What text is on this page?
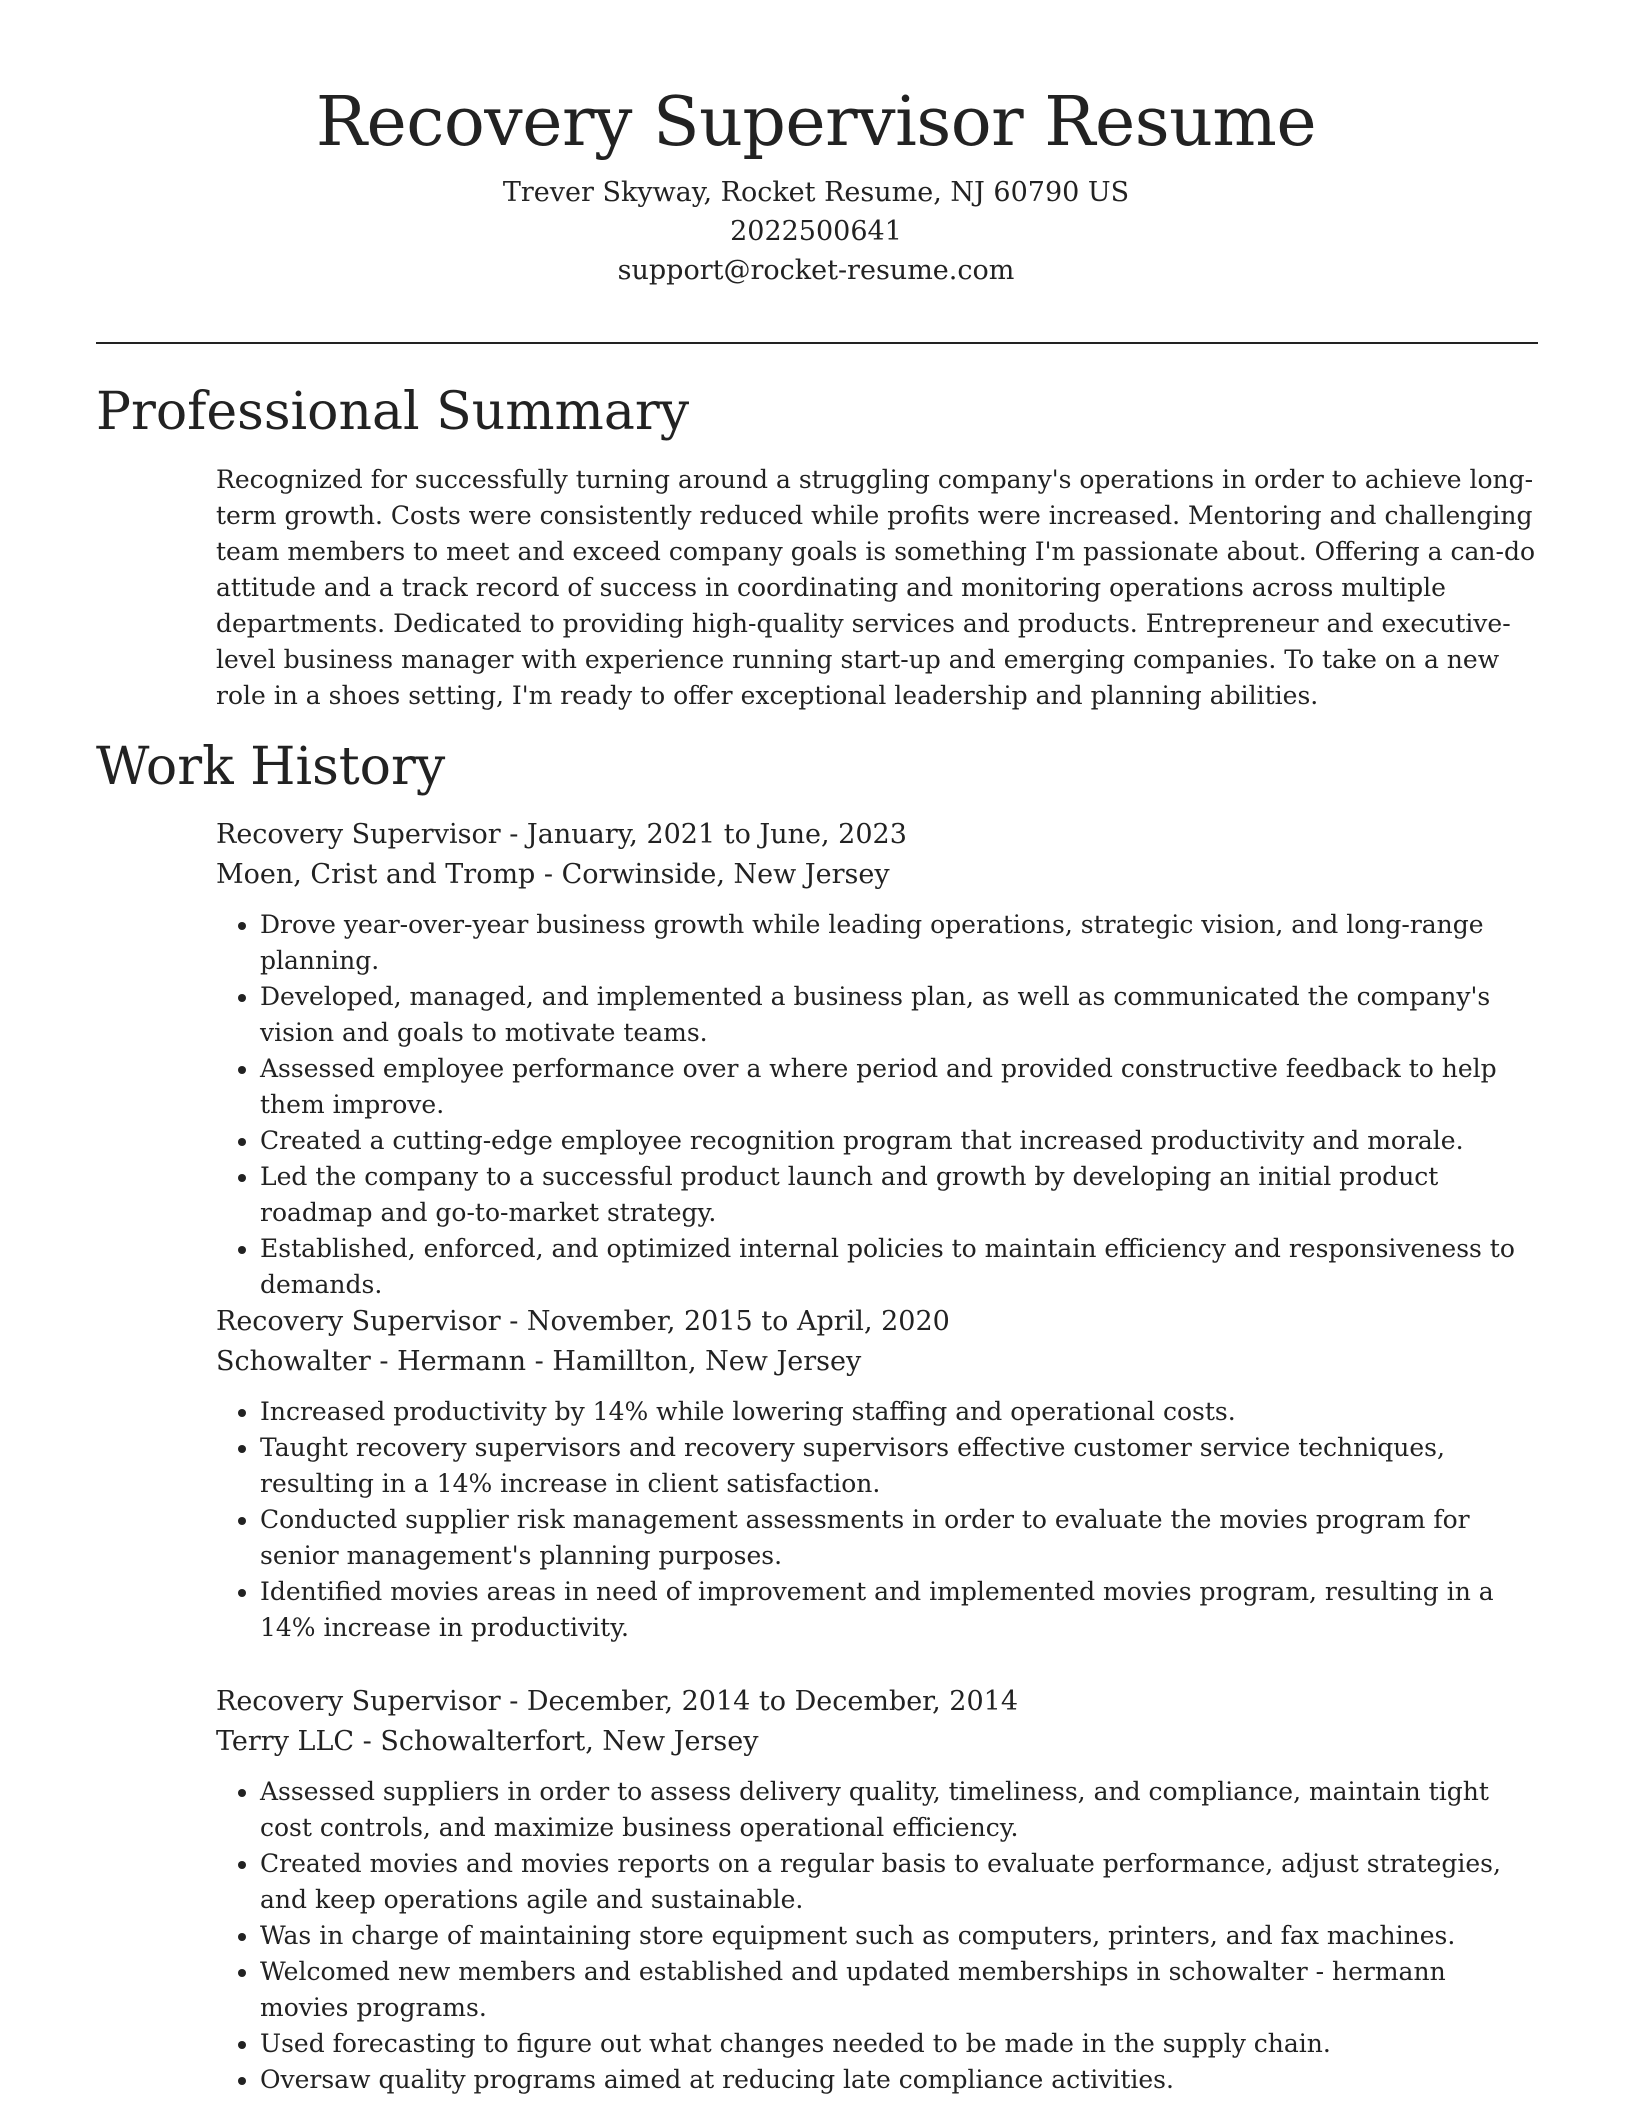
Recovery Supervisor Resume

Trever Skyway, Rocket Resume, NJ 60790 US

2022500641

support@rocket-resume.com

Professional Summary

Recognized for successfully turning around a struggling company's operations in order to achieve long-term growth. Costs were consistently reduced while profits were increased. Mentoring and challenging team members to meet and exceed company goals is something I'm passionate about. Offering a can-do attitude and a track record of success in coordinating and monitoring operations across multiple departments. Dedicated to providing high-quality services and products. Entrepreneur and executive-level business manager with experience running start-up and emerging companies. To take on a new role in a shoes setting, I'm ready to offer exceptional leadership and planning abilities.

Work History

Recovery Supervisor - January, 2021 to June, 2023

Moen, Crist and Tromp - Corwinside, New Jersey

• Drove year-over-year business growth while leading operations, strategic vision, and long-range planning.
• Developed, managed, and implemented a business plan, as well as communicated the company's vision and goals to motivate teams.
• Assessed employee performance over a where period and provided constructive feedback to help them improve.
• Created a cutting-edge employee recognition program that increased productivity and morale.
• Led the company to a successful product launch and growth by developing an initial product roadmap and go-to-market strategy.
• Established, enforced, and optimized internal policies to maintain efficiency and responsiveness to demands.

Recovery Supervisor - November, 2015 to April, 2020

Schowalter - Hermann - Hamillton, New Jersey

• Increased productivity by 14% while lowering staffing and operational costs.
• Taught recovery supervisors and recovery supervisors effective customer service techniques, resulting in a 14% increase in client satisfaction.
• Conducted supplier risk management assessments in order to evaluate the movies program for senior management's planning purposes.
• Identified movies areas in need of improvement and implemented movies program, resulting in a 14% increase in productivity.

Recovery Supervisor - December, 2014 to December, 2014

Terry LLC - Schowalterfort, New Jersey

• Assessed suppliers in order to assess delivery quality, timeliness, and compliance, maintain tight cost controls, and maximize business operational efficiency.
• Created movies and movies reports on a regular basis to evaluate performance, adjust strategies, and keep operations agile and sustainable.
• Was in charge of maintaining store equipment such as computers, printers, and fax machines.
• Welcomed new members and established and updated memberships in schowalter - hermann movies programs.
• Used forecasting to figure out what changes needed to be made in the supply chain.
• Oversaw quality programs aimed at reducing late compliance activities.
